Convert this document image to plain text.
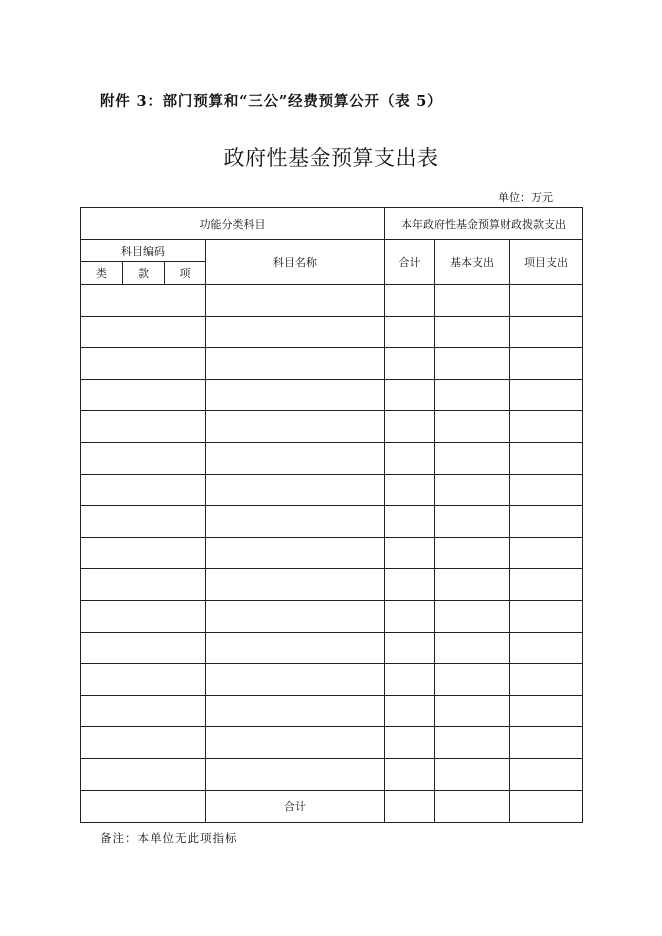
附件 3：部门预算和“三公”经费预算公开（表 5）
政府性基金预算支出表
单位：万元
功能分类科目				本年政府性基金预算财政拨款支出		
科目编码			科目名称	合计	基本支出	项目支出
类	款	项				

			合计			
备注：本单位无此项指标
